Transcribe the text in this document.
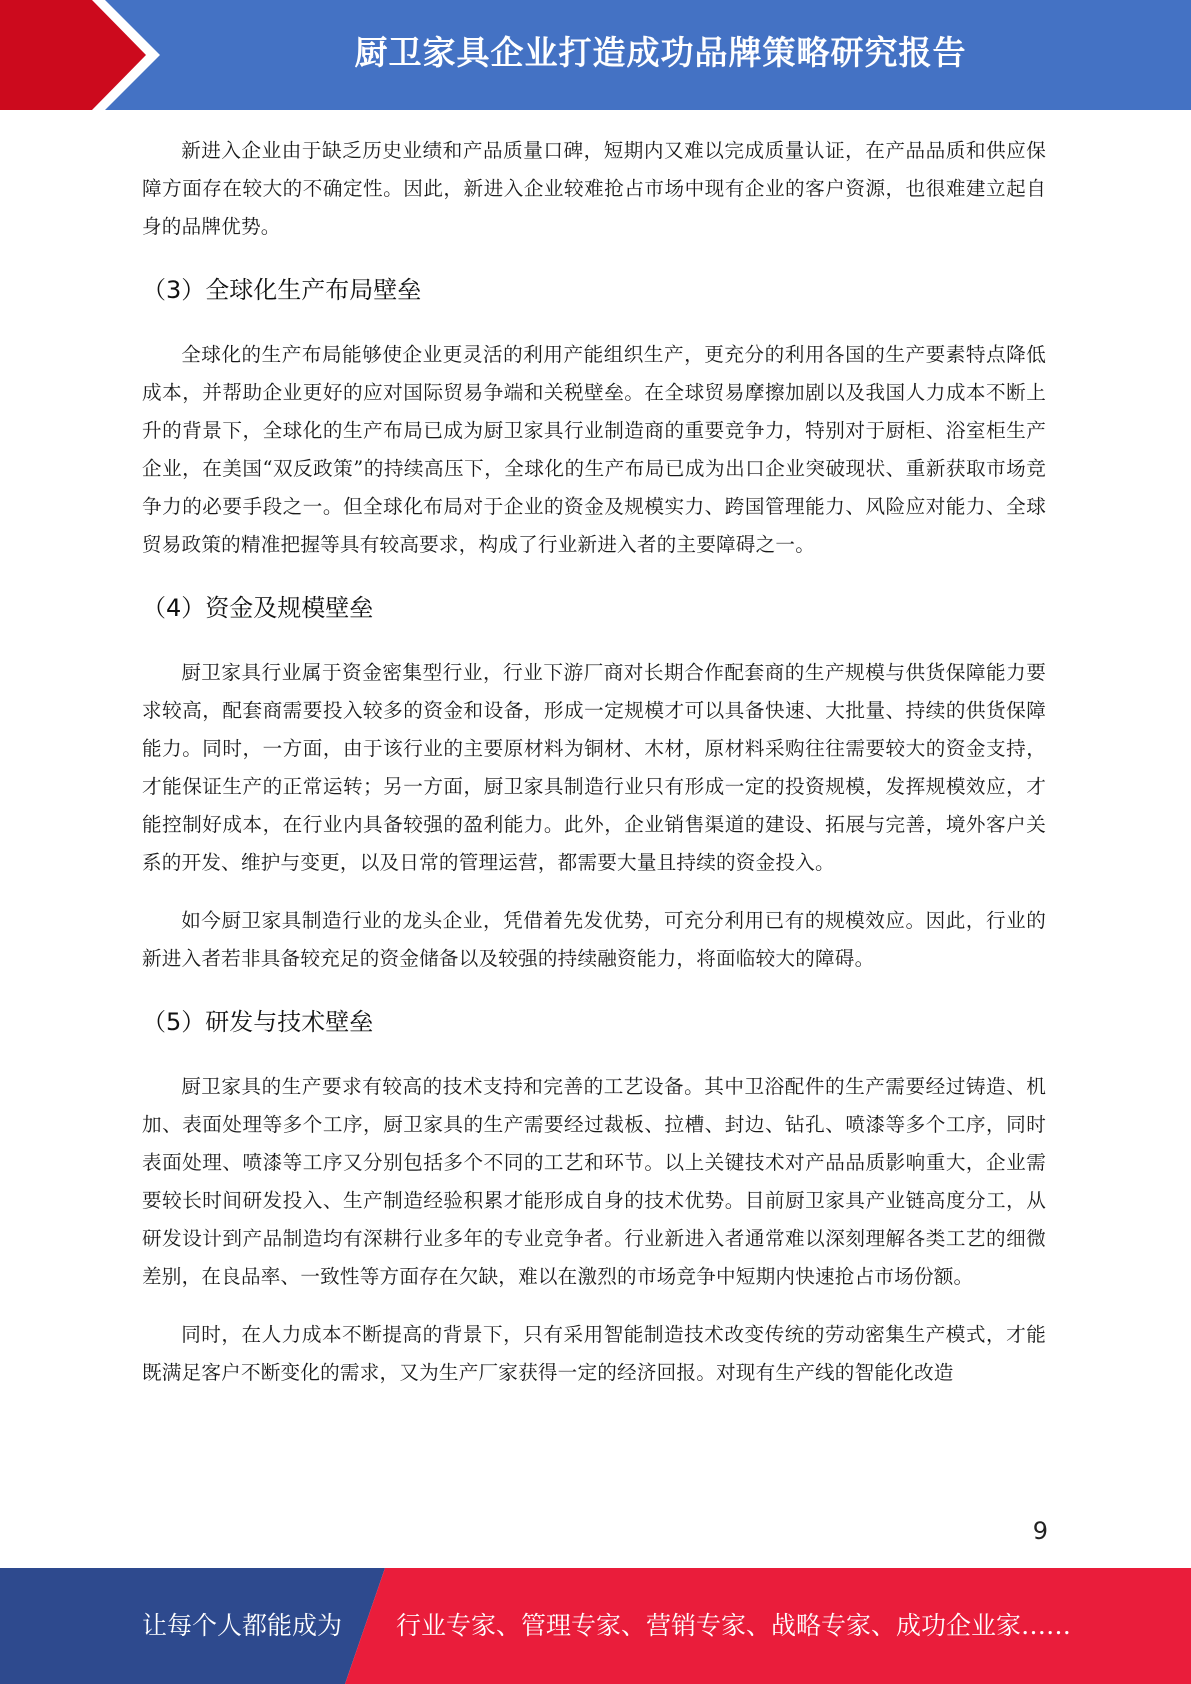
厨卫家具企业打造成功品牌策略研究报告

新进入企业由于缺乏历史业绩和产品质量口碑，短期内又难以完成质量认证，在产品品质和供应保障方面存在较大的不确定性。因此，新进入企业较难抢占市场中现有企业的客户资源，也很难建立起自身的品牌优势。

（3）全球化生产布局壁垒

全球化的生产布局能够使企业更灵活的利用产能组织生产，更充分的利用各国的生产要素特点降低成本，并帮助企业更好的应对国际贸易争端和关税壁垒。在全球贸易摩擦加剧以及我国人力成本不断上升的背景下，全球化的生产布局已成为厨卫家具行业制造商的重要竞争力，特别对于厨柜、浴室柜生产企业，在美国“双反政策”的持续高压下，全球化的生产布局已成为出口企业突破现状、重新获取市场竞争力的必要手段之一。但全球化布局对于企业的资金及规模实力、跨国管理能力、风险应对能力、全球贸易政策的精准把握等具有较高要求，构成了行业新进入者的主要障碍之一。

（4）资金及规模壁垒

厨卫家具行业属于资金密集型行业，行业下游厂商对长期合作配套商的生产规模与供货保障能力要求较高，配套商需要投入较多的资金和设备，形成一定规模才可以具备快速、大批量、持续的供货保障能力。同时，一方面，由于该行业的主要原材料为铜材、木材，原材料采购往往需要较大的资金支持，才能保证生产的正常运转；另一方面，厨卫家具制造行业只有形成一定的投资规模，发挥规模效应，才能控制好成本，在行业内具备较强的盈利能力。此外，企业销售渠道的建设、拓展与完善，境外客户关系的开发、维护与变更，以及日常的管理运营，都需要大量且持续的资金投入。

如今厨卫家具制造行业的龙头企业，凭借着先发优势，可充分利用已有的规模效应。因此，行业的新进入者若非具备较充足的资金储备以及较强的持续融资能力，将面临较大的障碍。

（5）研发与技术壁垒

厨卫家具的生产要求有较高的技术支持和完善的工艺设备。其中卫浴配件的生产需要经过铸造、机加、表面处理等多个工序，厨卫家具的生产需要经过裁板、拉槽、封边、钻孔、喷漆等多个工序，同时表面处理、喷漆等工序又分别包括多个不同的工艺和环节。以上关键技术对产品品质影响重大，企业需要较长时间研发投入、生产制造经验积累才能形成自身的技术优势。目前厨卫家具产业链高度分工，从研发设计到产品制造均有深耕行业多年的专业竞争者。行业新进入者通常难以深刻理解各类工艺的细微差别，在良品率、一致性等方面存在欠缺，难以在激烈的市场竞争中短期内快速抢占市场份额。

同时，在人力成本不断提高的背景下，只有采用智能制造技术改变传统的劳动密集生产模式，才能既满足客户不断变化的需求，又为生产厂家获得一定的经济回报。对现有生产线的智能化改造

9
让每个人都能成为 行业专家、管理专家、营销专家、战略专家、成功企业家……
